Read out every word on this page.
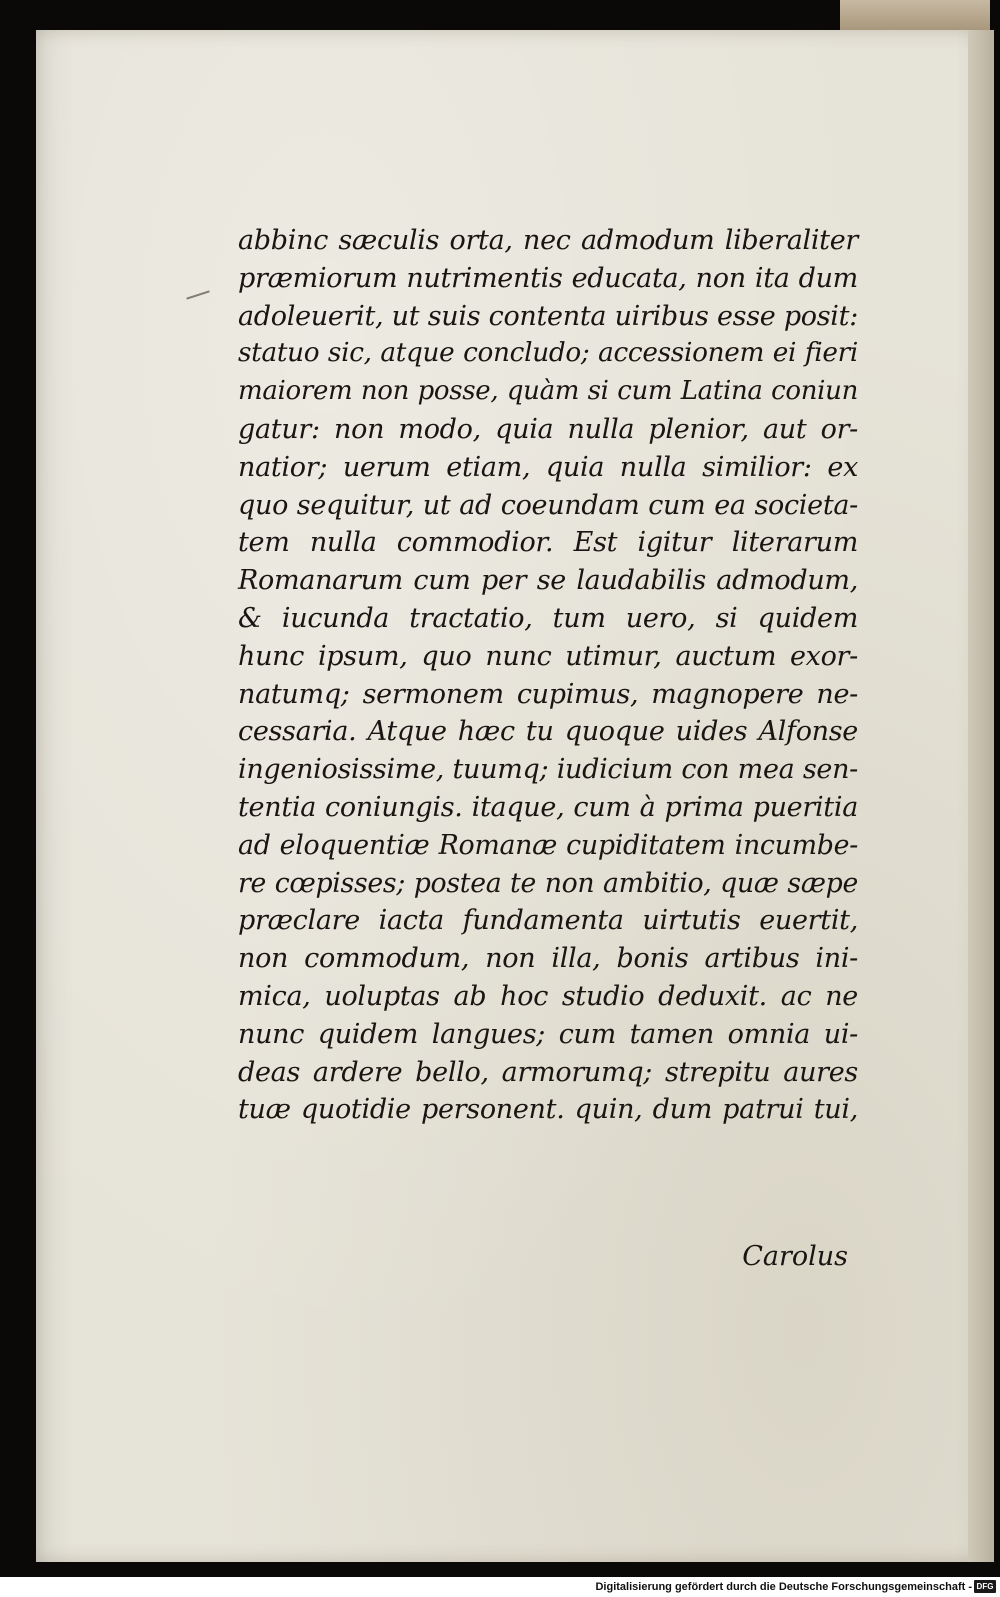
abbinc sæculis orta, nec admodum liberaliter
præmiorum nutrimentis educata, non ita dum
adoleuerit, ut suis contenta uiribus esse posit:
statuo sic, atque concludo; accessionem ei fieri
maiorem non posse, quàm si cum Latina coniun
gatur: non modo, quia nulla plenior, aut or-
natior; uerum etiam, quia nulla similior: ex
quo sequitur, ut ad coeundam cum ea societa-
tem nulla commodior. Est igitur literarum
Romanarum cum per se laudabilis admodum,
& iucunda tractatio, tum uero, si quidem
hunc ipsum, quo nunc utimur, auctum exor-
natumq; sermonem cupimus, magnopere ne-
cessaria. Atque hæc tu quoque uides Alfonse
ingeniosissime, tuumq; iudicium con mea sen-
tentia coniungis. itaque, cum à prima pueritia
ad eloquentiæ Romanæ cupiditatem incumbe-
re cœpisses; postea te non ambitio, quæ sæpe
præclare iacta fundamenta uirtutis euertit,
non commodum, non illa, bonis artibus ini-
mica, uoluptas ab hoc studio deduxit. ac ne
nunc quidem langues; cum tamen omnia ui-
deas ardere bello, armorumq; strepitu aures
tuæ quotidie personent. quin, dum patrui tui,
Carolus
Digitalisierung gefördert durch die Deutsche Forschungsgemeinschaft - DFG
